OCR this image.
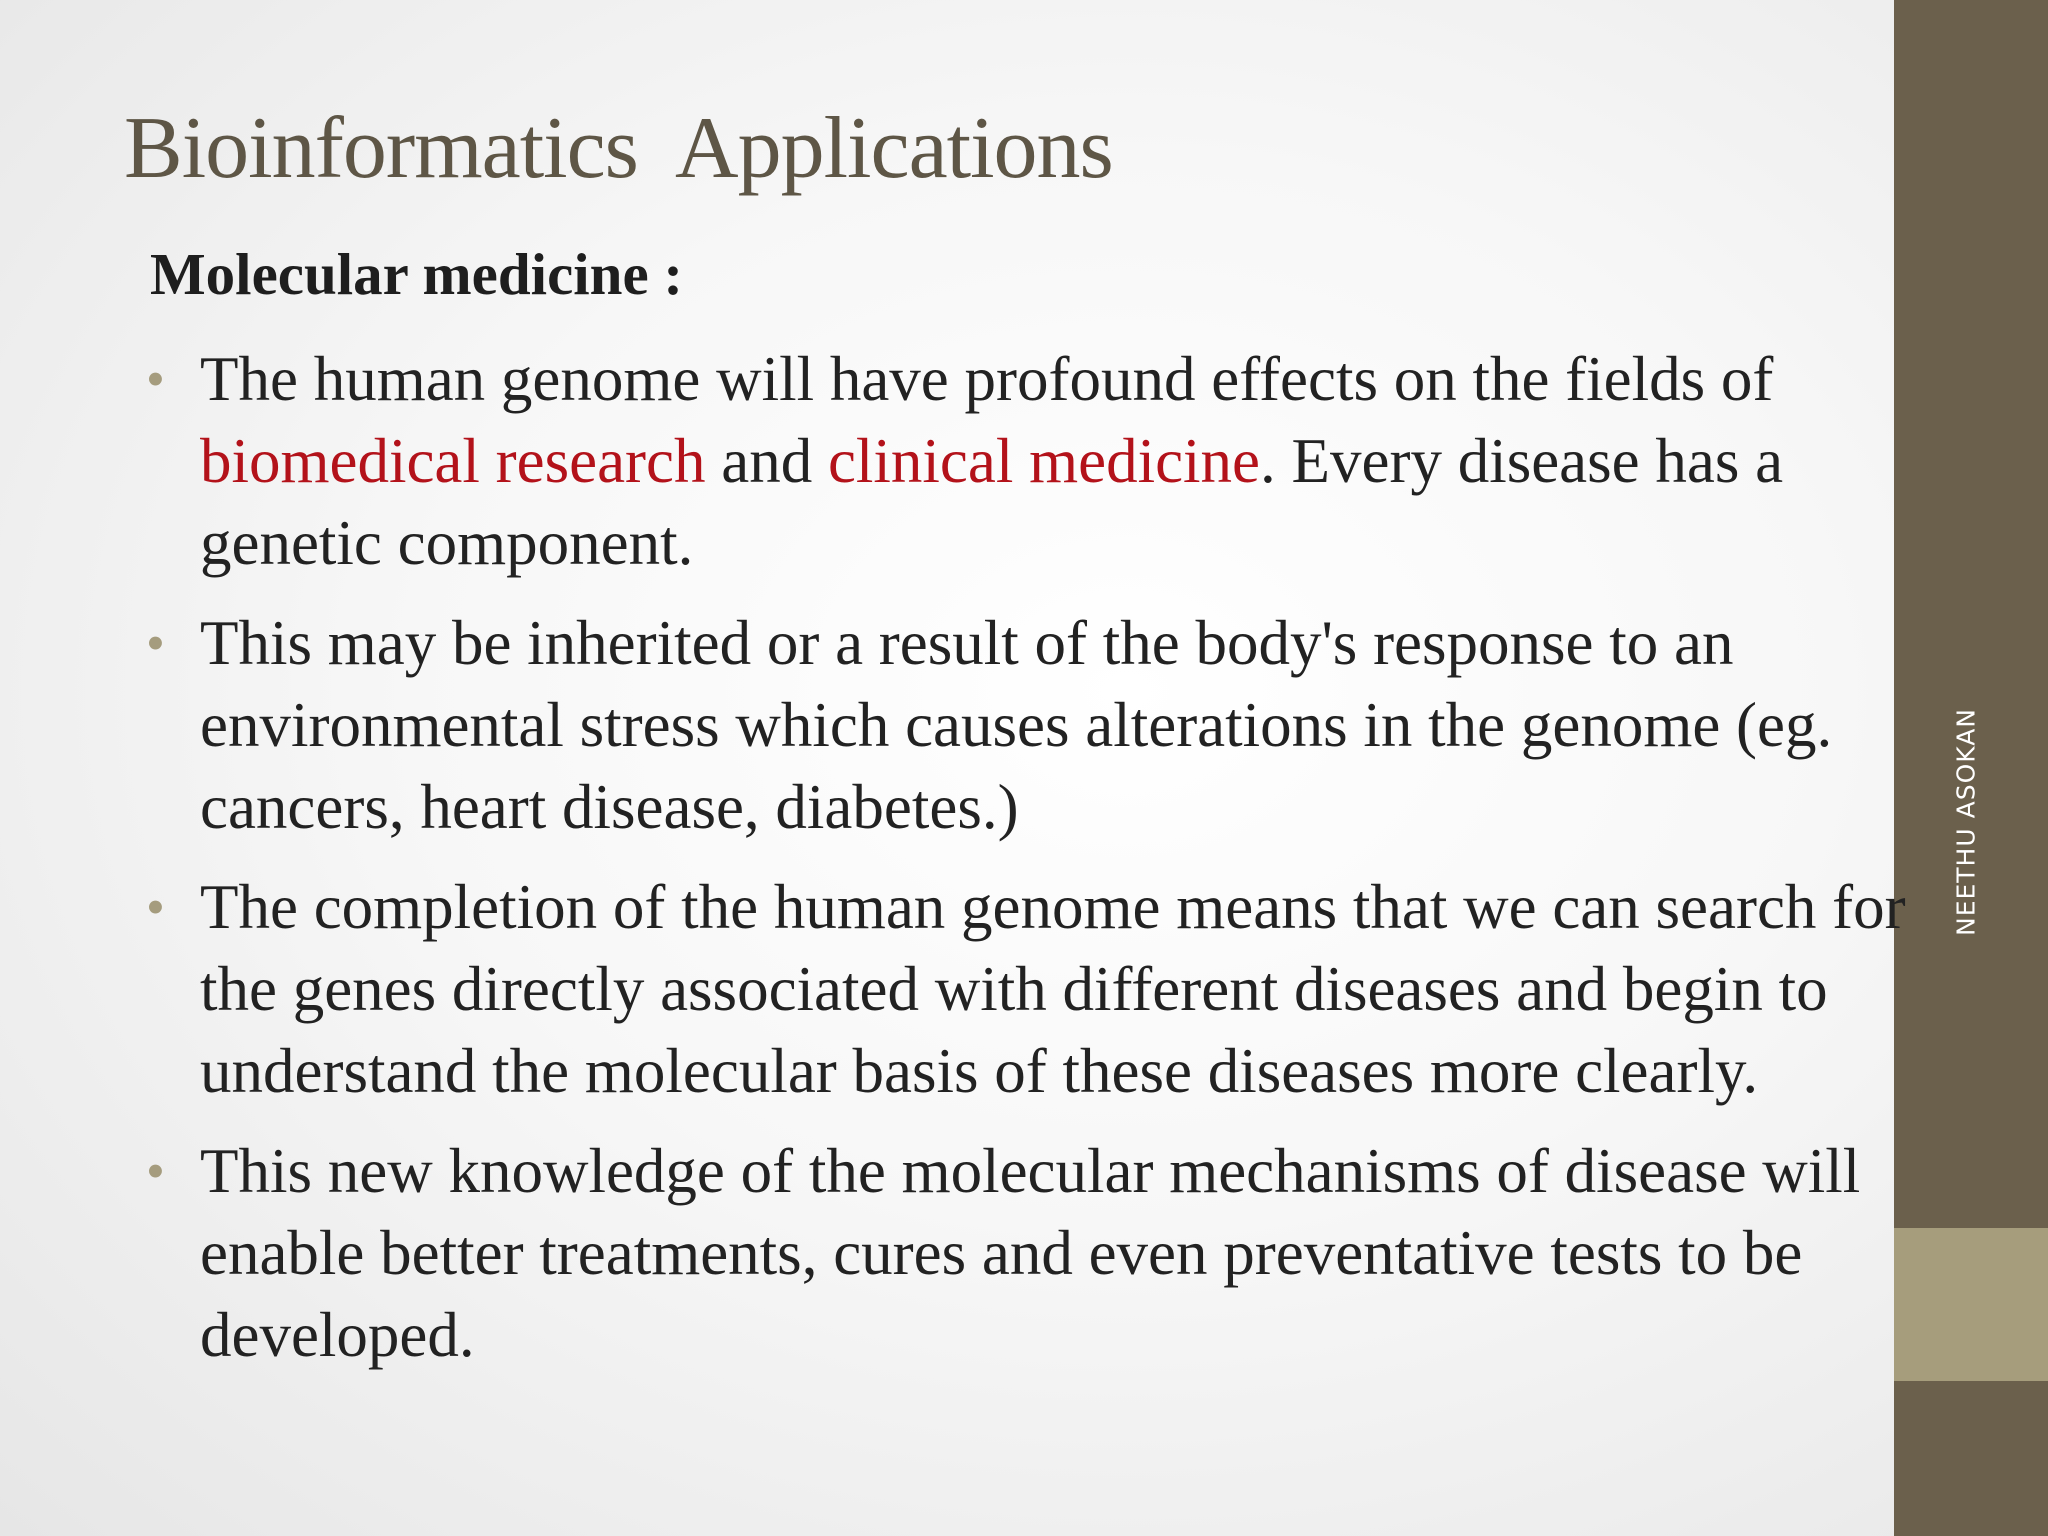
NEETHU ASOKAN
Bioinformatics  Applications
Molecular medicine :
• The human genome will have profound effects on the fields of biomedical research and clinical medicine. Every disease has a genetic component.
• This may be inherited or a result of the body's response to an environmental stress which causes alterations in the genome (eg. cancers, heart disease, diabetes.)
• The completion of the human genome means that we can search for the genes directly associated with different diseases and begin to understand the molecular basis of these diseases more clearly.
• This new knowledge of the molecular mechanisms of disease will enable better treatments, cures and even preventative tests to be developed.
